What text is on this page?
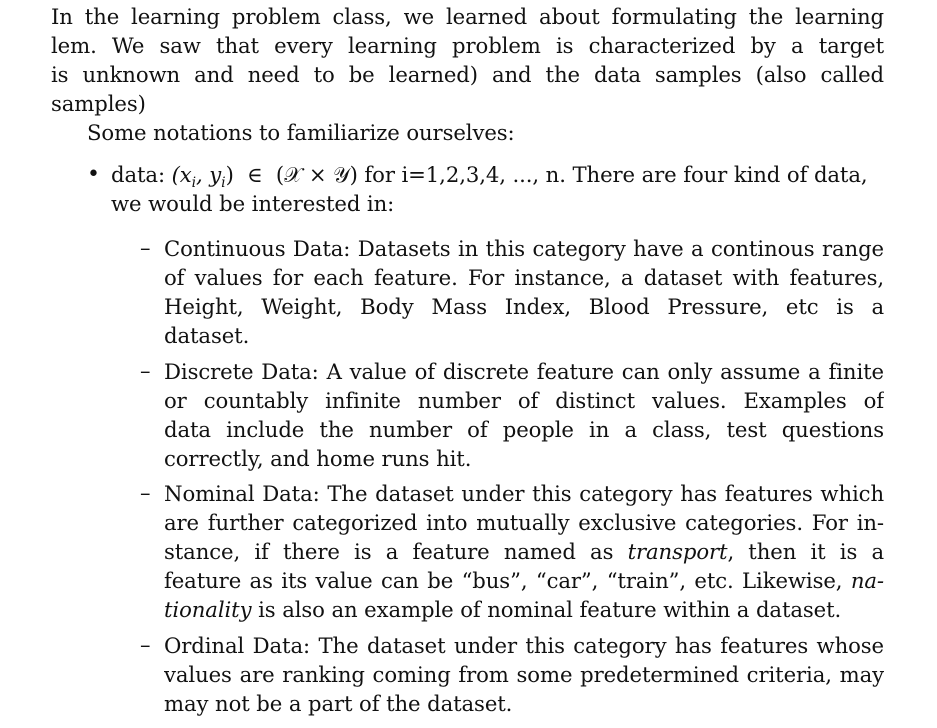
In the learning problem class, we learned about formulating the learning

lem. We saw that every learning problem is characterized by a target

is unknown and need to be learned) and the data samples (also called

samples)

Some notations to familiarize ourselves:

• data: ($x_i$, $y_i$) ∈ (𝒳 × 𝒴) for i=1,2,3,4, ..., n. There are four kind of data,

we would be interested in:

– Continuous Data: Datasets in this category have a continous range

of values for each feature. For instance, a dataset with features,

Height, Weight, Body Mass Index, Blood Pressure, etc is a

dataset.

– Discrete Data: A value of discrete feature can only assume a finite

or countably infinite number of distinct values. Examples of

data include the number of people in a class, test questions

correctly, and home runs hit.

– Nominal Data: The dataset under this category has features which

are further categorized into mutually exclusive categories. For in-

stance, if there is a feature named as transport, then it is a

feature as its value can be “bus”, “car”, “train”, etc. Likewise, na-

tionality is also an example of nominal feature within a dataset.

– Ordinal Data: The dataset under this category has features whose

values are ranking coming from some predetermined criteria, may

may not be a part of the dataset.
